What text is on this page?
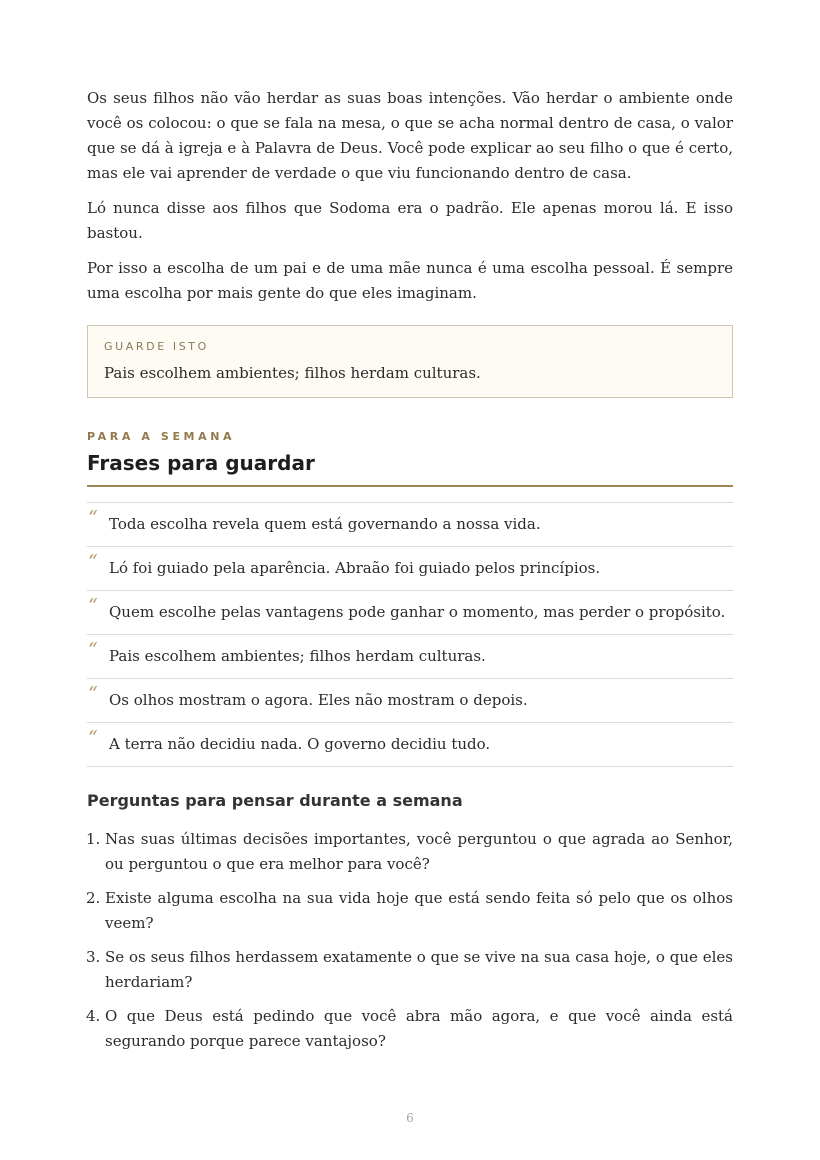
Os seus filhos não vão herdar as suas boas intenções. Vão herdar o ambiente onde você os colocou: o que se fala na mesa, o que se acha normal dentro de casa, o valor que se dá à igreja e à Palavra de Deus. Você pode explicar ao seu filho o que é certo, mas ele vai aprender de verdade o que viu funcionando dentro de casa.

Ló nunca disse aos filhos que Sodoma era o padrão. Ele apenas morou lá. E isso bastou.

Por isso a escolha de um pai e de uma mãe nunca é uma escolha pessoal. É sempre uma escolha por mais gente do que eles imaginam.

GUARDE ISTO
Pais escolhem ambientes; filhos herdam culturas.
PARA A SEMANA
Frases para guardar
“ Toda escolha revela quem está governando a nossa vida.
“ Ló foi guiado pela aparência. Abraão foi guiado pelos princípios.
“ Quem escolhe pelas vantagens pode ganhar o momento, mas perder o propósito.
“ Pais escolhem ambientes; filhos herdam culturas.
“ Os olhos mostram o agora. Eles não mostram o depois.
“ A terra não decidiu nada. O governo decidiu tudo.
Perguntas para pensar durante a semana
1. Nas suas últimas decisões importantes, você perguntou o que agrada ao Senhor, ou perguntou o que era melhor para você?
2. Existe alguma escolha na sua vida hoje que está sendo feita só pelo que os olhos veem?
3. Se os seus filhos herdassem exatamente o que se vive na sua casa hoje, o que eles herdariam?
4. O que Deus está pedindo que você abra mão agora, e que você ainda está segurando porque parece vantajoso?
6
